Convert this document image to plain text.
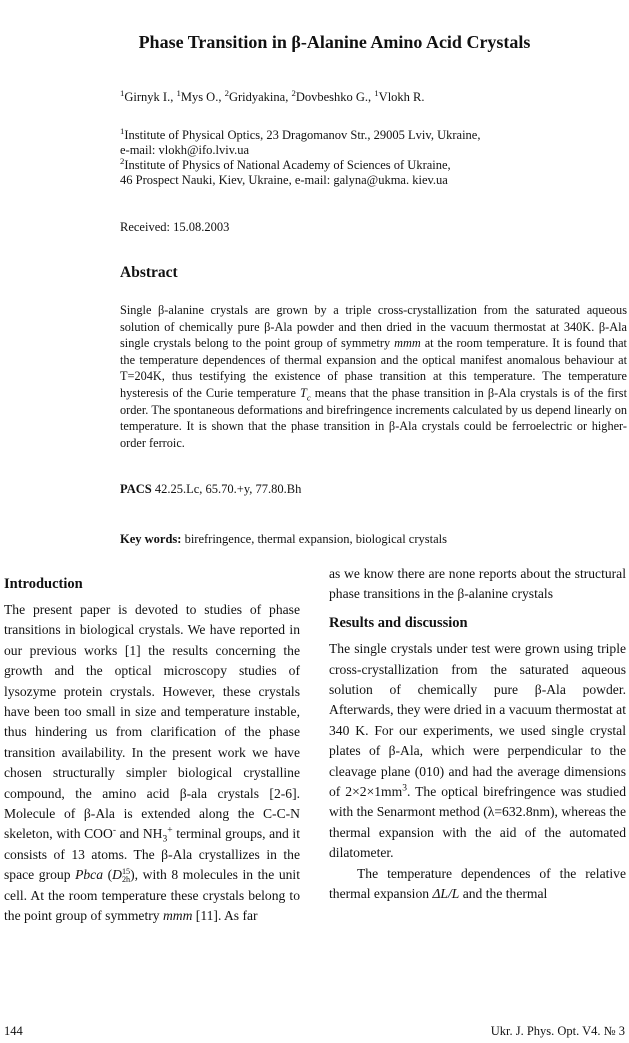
Phase Transition in β-Alanine Amino Acid Crystals
$^1$Girnyk I., $^1$Mys O., $^2$Gridyakina, $^2$Dovbeshko G., $^1$Vlokh R.
$^1$Institute of Physical Optics, 23 Dragomanov Str., 29005 Lviv, Ukraine,
e-mail: vlokh@ifo.lviv.ua
$^2$Institute of Physics of National Academy of Sciences of Ukraine,
46 Prospect Nauki, Kiev, Ukraine, e-mail: galyna@ukma. kiev.ua
Received: 15.08.2003
Abstract
Single β-alanine crystals are grown by a triple cross-crystallization from the saturated aqueous solution of chemically pure β-Ala powder and then dried in the vacuum thermostat at 340K. β-Ala single crystals belong to the point group of symmetry mmm at the room temperature. It is found that the temperature dependences of thermal expansion and the optical manifest anomalous behaviour at T=204K, thus testifying the existence of phase transition at this temperature. The temperature hysteresis of the Curie temperature $T_c$ means that the phase transition in β-Ala crystals is of the first order. The spontaneous deformations and birefringence increments calculated by us depend linearly on temperature. It is shown that the phase transition in β-Ala crystals could be ferroelectric or higher-order ferroic.
PACS 42.25.Lc, 65.70.+y, 77.80.Bh
Key words: birefringence, thermal expansion, biological crystals
Introduction

The present paper is devoted to studies of phase transitions in biological crystals. We have reported in our previous works [1] the results concerning the growth and the optical microscopy studies of lysozyme protein crystals. However, these crystals have been too small in size and temperature instable, thus hindering us from clarification of the phase transition availability. In the present work we have chosen structurally simpler biological crystalline compound, the amino acid β-ala crystals [2-6]. Molecule of β-Ala is extended along the C-C-N skeleton, with COO- and $NH_3^+$ terminal groups, and it consists of 13 atoms. The β-Ala crystallizes in the space group Pbca (D 15
2h ), with 8 molecules in the unit cell. At the room temperature these crystals belong to the point group of symmetry mmm [11]. As far

as we know there are none reports about the structural phase transitions in the β-alanine crystals

Results and discussion

The single crystals under test were grown using triple cross-crystallization from the saturated aqueous solution of chemically pure β-Ala powder. Afterwards, they were dried in a vacuum thermostat at 340 K. For our experiments, we used single crystal plates of β-Ala, which were perpendicular to the cleavage plane (010) and had the average dimensions of $2\times 2\times 1mm^3$. The optical birefringence was studied with the Senarmont method (λ=632.8nm), whereas the thermal expansion with the aid of the automated dilatometer.

The temperature dependences of the relative thermal expansion ΔL/L and the thermal

144	Ukr. J. Phys. Opt. V4. № 3
